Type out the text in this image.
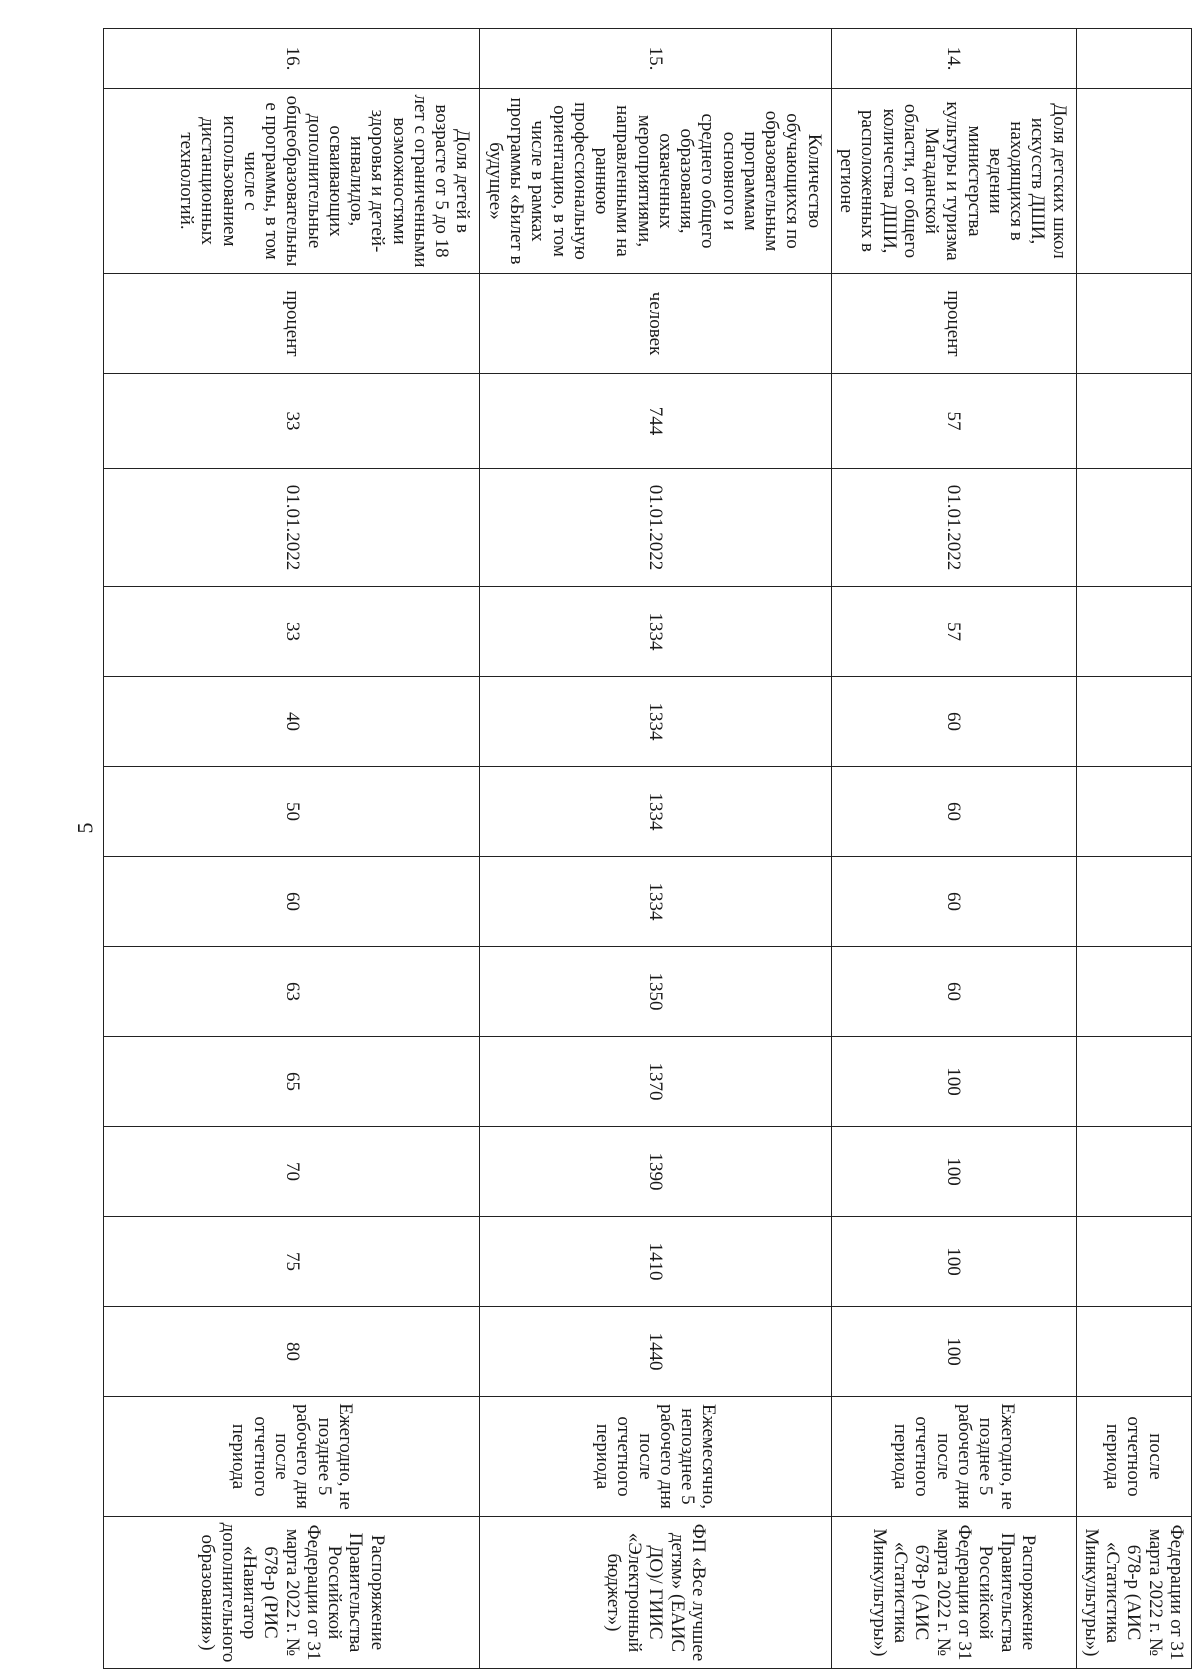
5
														после отчетного периода	Федерации от 31 марта 2022 г. № 678-р (АИС «Статистика Минкультуры»)
14.	Доля детских школ искусств ДШИ, находящихся в ведении министерства культуры и туризма Магаданской области, от общего количества ДШИ, расположенных в регионе	процент	57	01.01.2022	57	60	60	60	60	100	100	100	100	Ежегодно, не позднее 5 рабочего дня после отчетного периода	Распоряжение Правительства Российской Федерации от 31 марта 2022 г. № 678-р (АИС «Статистика Минкультуры»)
15.	Количество обучающихся по образовательным программам основного и среднего общего образования, охваченных мероприятиями, направленными на раннюю профессиональную ориентацию, в том числе в рамках программы «Билет в будущее»	человек	744	01.01.2022	1334	1334	1334	1334	1350	1370	1390	1410	1440	Ежемесячно, непозднее 5 рабочего дня после отчетного периода	ФП «Все лучшее детям» (ЕАИС ДО)/ ГИИС «Электронный бюджет»)
16.	Доля детей в возрасте от 5 до 18 лет с ограниченными возможностями здоровья и детей- инвалидов, осваивающих дополнительные общеобразовательные программы, в том числе с использованием дистанционных технологий.	процент	33	01.01.2022	33	40	50	60	63	65	70	75	80	Ежегодно, не позднее 5 рабочего дня после отчетного периода	Распоряжение Правительства Российской Федерации от 31 марта 2022 г. № 678-р (РИС «Навигатор дополнительного образования»)
